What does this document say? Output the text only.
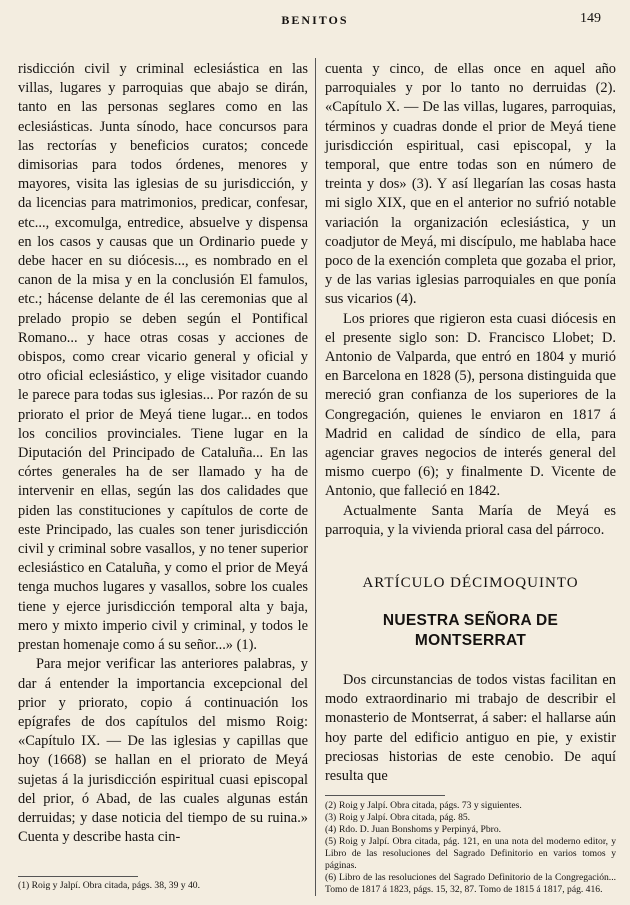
BENITOS	149

risdicción civil y criminal eclesiástica en las villas, lugares y parroquias que abajo se dirán, tanto en las personas seglares como en las eclesiásticas. Junta sínodo, hace concursos para las rectorías y beneficios curatos; concede dimisorias para todos órdenes, menores y mayores, visita las iglesias de su jurisdicción, y da licencias para matrimonios, predicar, confesar, etc..., excomulga, entredice, absuelve y dispensa en los casos y causas que un Ordinario puede y debe hacer en su diócesis..., es nombrado en el canon de la misa y en la conclusión El famulos, etc.; hácense delante de él las ceremonias que al prelado propio se deben según el Pontifical Romano... y hace otras cosas y acciones de obispos, como crear vicario general y oficial y otro oficial eclesiástico, y elige visitador cuando le parece para todas sus iglesias... Por razón de su priorato el prior de Meyá tiene lugar... en todos los concilios provinciales. Tiene lugar en la Diputación del Principado de Cataluña... En las córtes generales ha de ser llamado y ha de intervenir en ellas, según las dos calidades que piden las constituciones y capítulos de corte de este Principado, las cuales son tener jurisdicción civil y criminal sobre vasallos, y no tener superior eclesiástico en Cataluña, y como el prior de Meyá tenga muchos lugares y vasallos, sobre los cuales tiene y ejerce jurisdicción temporal alta y baja, mero y mixto imperio civil y criminal, y todos le prestan homenaje como á su señor...» (1).

Para mejor verificar las anteriores palabras, y dar á entender la importancia excepcional del prior y priorato, copio á continuación los epígrafes de dos capítulos del mismo Roig: «Capítulo IX. — De las iglesias y capillas que hoy (1668) se hallan en el priorato de Meyá sujetas á la jurisdicción espiritual cuasi episcopal del prior, ó Abad, de las cuales algunas están derruidas; y dase noticia del tiempo de su ruina.» Cuenta y describe hasta cin-

(1) Roig y Jalpí. Obra citada, págs. 38, 39 y 40.

cuenta y cinco, de ellas once en aquel año parroquiales y por lo tanto no derruidas (2). «Capítulo X. — De las villas, lugares, parroquias, términos y cuadras donde el prior de Meyá tiene jurisdicción espiritual, casi episcopal, y la temporal, que entre todas son en número de treinta y dos» (3). Y así llegarían las cosas hasta mi siglo XIX, que en el anterior no sufrió notable variación la organización eclesiástica, y un coadjutor de Meyá, mi discípulo, me hablaba hace poco de la exención completa que gozaba el prior, y de las varias iglesias parroquiales en que ponía sus vicarios (4).

Los priores que rigieron esta cuasi diócesis en el presente siglo son: D. Francisco Llobet; D. Antonio de Valparda, que entró en 1804 y murió en Barcelona en 1828 (5), persona distinguida que mereció gran confianza de los superiores de la Congregación, quienes le enviaron en 1817 á Madrid en calidad de síndico de ella, para agenciar graves negocios de interés general del mismo cuerpo (6); y finalmente D. Vicente de Antonio, que falleció en 1842.

Actualmente Santa María de Meyá es parroquia, y la vivienda prioral casa del párroco.

ARTÍCULO DÉCIMOQUINTO
NUESTRA SEÑORA DE MONTSERRAT

Dos circunstancias de todos vistas facilitan en modo extraordinario mi trabajo de describir el monasterio de Montserrat, á saber: el hallarse aún hoy parte del edificio antiguo en pie, y existir preciosas historias de este cenobio. De aquí resulta que

(2) Roig y Jalpí. Obra citada, págs. 73 y siguientes.

(3) Roig y Jalpí. Obra citada, pág. 85.

(4) Rdo. D. Juan Bonshoms y Perpinyá, Pbro.

(5) Roig y Jalpí. Obra citada, pág. 121, en una nota del moderno editor, y Libro de las resoluciones del Sagrado Definitorio en varios tomos y páginas.

(6) Libro de las resoluciones del Sagrado Definitorio de la Congregación... Tomo de 1817 á 1823, págs. 15, 32, 87. Tomo de 1815 á 1817, pág. 416.
